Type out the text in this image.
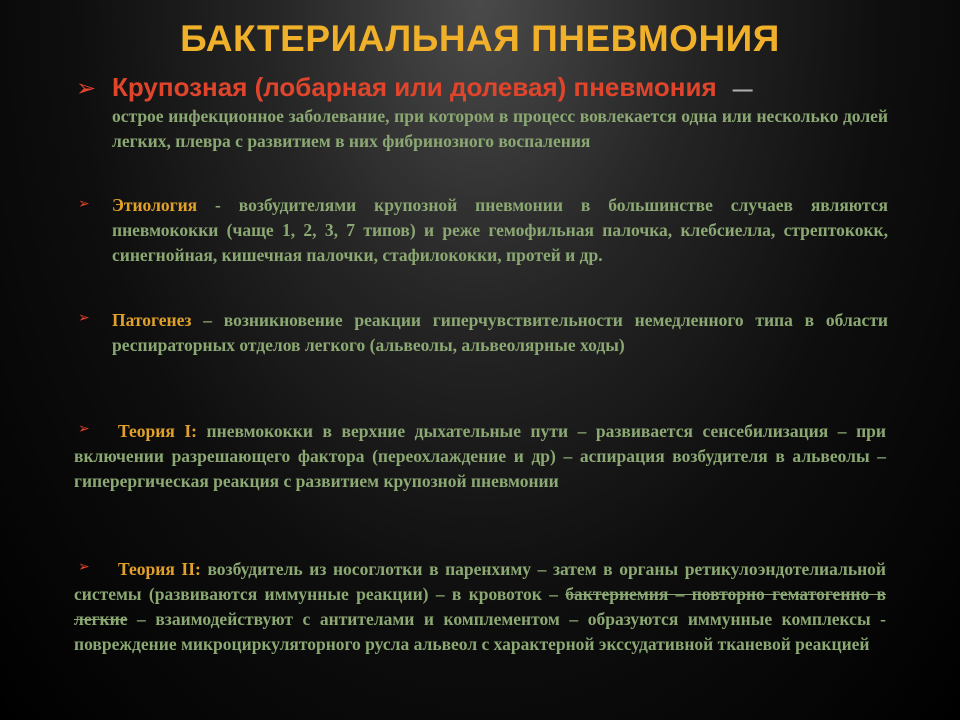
БАКТЕРИАЛЬНАЯ ПНЕВМОНИЯ
➢ Крупозная (лобарная или долевая) пневмония —
острое инфекционное заболевание, при котором в процесс вовлекается одна или несколько долей легких, плевра с развитием в них фибринозного воспаления
➢ Этиология - возбудителями крупозной пневмонии в большинстве случаев являются пневмококки (чаще 1, 2, 3, 7 типов) и реже гемофильная палочка, клебсиелла, стрептококк, синегнойная, кишечная палочки, стафилококки, протей и др.
➢ Патогенез – возникновение реакции гиперчувствительности немедленного типа в области респираторных отделов легкого (альвеолы, альвеолярные ходы)
➢	Теория I: пневмококки в верхние дыхательные пути – развивается сенсебилизация – при включении разрешающего фактора (переохлаждение и др) – аспирация возбудителя в альвеолы – гиперергическая реакция с развитием крупозной пневмонии
➢	Теория II: возбудитель из носоглотки в паренхиму – затем в органы ретикулоэндотелиальной системы (развиваются иммунные реакции) – в кровоток – бактериемия – повторно гематогенно в легкие – взаимодействуют с антителами и комплементом – образуются иммунные комплексы - повреждение микроциркуляторного русла альвеол с характерной экссудативной тканевой реакцией
